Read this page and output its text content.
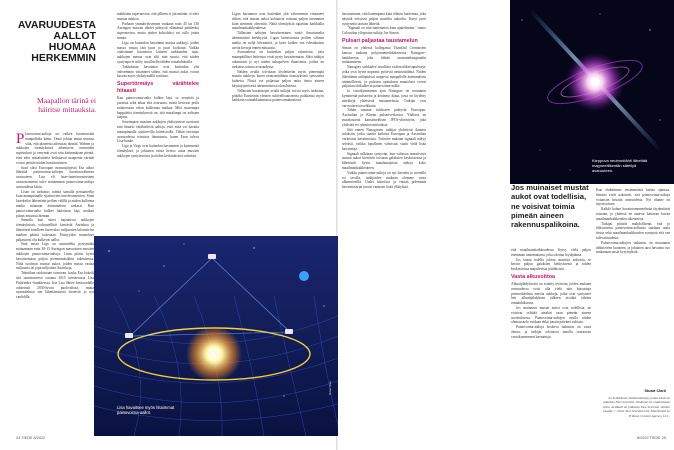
AVARUUDESTA AALLOT HUOMAA HERKEMMIN
Maapallon tärinä ei häiritse mittauksia.

Planovoima-aaltoja on vaikea havainnoida maapallolta käsin. Tämä johtuu muun muassa siitä, että planeetta aiheuttaa tärinää. Walnen ja aukkojen törmäyksistä aiheutuvat avaruuden supistukset ja venymät ovat niin äärimmäisen pieniä, ettei edes mittalaitteita heiluttavat maaperän värinät voivat peittää niiden havaitsemisen.

Juuri siksi Euroopan avaruusjärjestö Esa aikoo lähettää painovoima-aaltojen havaintovälineen avaruuteen. Lisa eli laser-interferometrinen avaruusantenni tulee mittaamaan painovoima-aaltoja avaruudesta käsin.

Lisan on tarkoitus toimia samalla periaatteella kuin maanpinnalle sijaitsevien interferometrien. Siinä laserkeilat lähetetään peilien välillä ja niiden kulkema matka mitataan äärimmäisen tarkasti. Kun painovoima-aalto kulkee laitteiston läpi, matkan pituus muuttuu hieman.

Samalla kun siteet hajautuvat aukkojen törmäyksissä, valosatelliitit kiertävät Aurinkoa ja lähettävät toisilleen laservaloa miljoonien kilometrien matkan päästä toisistaan. Etäisyyden muutokset paljastavat ohi kulkevat aallot.

Sinä missä Ligo on suunniteltu pystymään mittaamaan noin 30-13 Auringon massaisten mustien aukkojen painovoima-aaltoja, Lisan pitäisi kyetä havaitsemaan paljon pienemmästäkin rakenteesta. Niitä tuottavat mustat aukot, joiden massa vastaa miljoonia tai jopa miljoonia Aurinkoja.

Tekniikan taidoistaan toimivan, koska Esa kokeili sitä onnistuneesti vuonna 2015 toteutetussa Lisa Pathfinder -hankkeessa. Itse Lisa lähtee kiertoradalle odotetusti 2030-luvun puolivälissä, mutta suunnitelmat sen lähettämisestä etenevät jo nyt vauhdilla.

makkaina supernovina, että jälkeen ei jää mitään, ei edes mustaa aukkoa.

Parhaan ymmärryksemme mukaan noin 45 tai 130 Auringon massan tähdet päätyvät elämänsä päätteeksi supernovina, mutta niiden kohtaloksi voi tulla jotain muuta.

Ligo on kuitenkin havainnut mustia aukkoja, joiden massa vastaa tätä juuri ja juuri kooltaan. Vaikka ottaisimme huomioon laitteen tarkkuuden rajat, aukkojen massat ovat silti niin suuria, että niiden syntytapa ei selity tavallisella tähden romahduksella.

Tukholman havainnot ovat kuitenkin yhä vahvemmin viitanneet siihen, että mustat aukot voivat kasvaa myös yhdistymällä toisiinsa.

Supertörmäys värähtelee hitaasti

Kun painovoima-aalto kulkee läpi, se venyttää ja puristaa sekä aikaa että avaruutta, mistä kertovat peilit mitatessaan valon kulkemaa matkaa. Mitä suurempia kappaleita törmäyksessä on, sitä matalampi on aaltojen taajuus.

Suurimpien mustien aukkojen yhdistymiset tuottavat niin hitaasti värähteleviä aaltoja, ettei niitä voi havaita maanpinnalla sijaitsevilla laitteistoilla. Tähän tarvitaan avaruudessa toimivia ilmaisimia, kuten Esan tuleva Lisa-hanke.

Ligo ja Virgo ovat kuitenkin havainneet jo kymmeniä törmäyksiä, ja jokainen niistä kertoo uutta mustien aukkojen syntytavoista ja niiden keskinäisistä suhteista.

Ligon havainnot ovat kuitenkin yhä vahvemmin viitanneet siihen, että mustat aukot kohtaavat toisiaan paljon useammin kuin aiemmin oletettiin. Näitä törmäyksiä tapahtuu kaikkialla maailmankaikkeudessa.

Tällaisten aaltojen havaitseminen vaatii ilmaisimelta äärimmäistä herkkyyttä. Ligon laitteistoissa peilien välinen matka on neljä kilometriä, ja laser kulkee sen edestakaisin useita kertoja ennen mittausta.

Avaruudessa on kuitenkin paljon rakenteita, joita maanpäälliset laitteistot eivät pysty havaitsemaan. Siksi tutkijat rakentavat jo nyt uuden sukupolven ilmaisimia, joiden on tarkoitus toimia avaruudessa.

Näiden avulla toivotaan löydettävän myös pienempiä mustia aukkoja, kuten neutronitähtien törmäyksistä syntyneitä kohteita. Niistä voi paljastua paljon uutta tietoa aineen käyttäytymisestä äärimmäisissä olosuhteissa.

Tällaisten havaintojen avulla tutkijat voivat myös tarkistaa, pitääkö Einsteinin yleinen suhteellisuusteoria paikkansa myös kaikkein voimakkaimmissa painovoimakentissä.

Lisa havaitsee myös hitaimmat painovoima-aallot.
Kuva: Esa
24 TIEDE 8/2022

havaitsimme, että kauempana kuin tähtien kuolemaa, joka näyttää erityisen paljon mustilta aukoilta, löytyi juuri syntyneitä taustan lähteitä.

"Signaali on niin tuntematon kuin ajattelimme," sanoo Coloradon yliopiston tutkija Joe Simon.

Pulsari paljastaa taustamelun

Simon on yhdessä kollegansa Thankful Cromartien kanssa mukana pohjoisamerikkalaisessa Nanograv-hankkeessa, joka tähtää taustamelusignaalin mittaamiseen.

Nanograv tarkkailee tavallisia radiovoihkeisupulsseja, jotka ovat hyvin nopeasti pyöriviä neutronitähtiä. Niiden lähettämät radiopulssit saapuvat maapallolle äärimmäisen säännöllisesti, ja pulssien ajoituksen muutokset voivat paljastaa ohikulkevat painovoima-aallot.

Jo vuosikymmenen ajan Nanograv on seurannut kymmeniä pulsareita ja kerännyt dataa, josta on löydetty merkkejä yhteisestä taustamelusta. Tutkijat ovat varovaisen toiveikkaita.

Tähän samaan tulokseen päätyvät Euroopan, Australian ja Kiinan pulsariverkostot. Yhdessä ne muodostavat kansainvälisen IPTA-yhteistyön, joka yhdistää eri ryhmien mittaukset.

Sitä ennen Nanogravin tutkijat yhdistivät datansa tuloksiin, jotka saatiin kaikista Euroopan ja Australian verkoston havainnoista. Tulosten mukaan signaali näkyy selvästi, vaikka lopullinen vahvistus vaatii vielä lisää havaintoja.

Signaali tulkitaan syntyvän, kun valtavan massiiviset mustat aukot kiertävät toisiaan galaksien keskustoissa ja lähettävät hyvin matalataajuisia aaltoja koko maailmankaikkeuteen.

Vaikka painovoima-aaltoja on nyt havaittu jo monella eri tavalla, tutkijoiden mukaan olemme vasta alkumetreillä. Uudet laitteistot ja entistä pidemmät havaintosarjat tuovat varmasti lisää yllätyksiä.

Kieppuva neutronitähti lähettää magneettikentän säteilyä avaruuteen.
Jos muinaiset mustat aukot ovat todellisia, ne voisivat toimia pimeän aineen rakennuspalikoina.

että maailmankaikkeudessa löytyy vielä paljon enemmän tuntematonta, joka odottaa löytäjäänsä.

Jos tausta todella johtuu mustista aukoista, se kertoo paljon galaksien kehityksestä ja niiden keskustoissa majailevista jättiläisistä.

Vasta alkusoittoa

Alkuräjähdyksestä on esitetty teorioita, joiden mukaan avaruudessa voisi olla vielä niin kutsuttuja primordiaalisia mustia aukkoja, jotka ovat syntyneet heti alkuräjähdyksen jälkeen eivätkä tähtien romahduksessa.

Jos muinaiset mustat aukot ovat todellisia, ne voisivat selittää ainakin osan pimeän aineen arvoituksesta. Painovoima-aaltojen avulla niiden olemassaolo voidaan ehkä jonain päivänä todistaa.

Painovoima-aaltoja koskeva tutkimus on vasta alussa, ja tutkijat odottavat innolla seuraavan vuosikymmenen havaintoja.

Kun ehdotimme ensimmäistä kertaa ajatusta, ihmiset eivät uskoneet, että painovoima-aaltoja voitaisiin havaita avaruudesta. Nyt tilanne on täysin toinen.

Kaikki kolme havaintomenetelmää täydentävät toisiaan, ja yhdessä ne antavat kattavan kuvan maailmankaikkeuden rakenteista.

Tutkijat pitävät mahdollisena, että jo lähivuosina painovoima-aalloista saadaan uutta tietoa sekä maailmankaikkeuden synnystä että sen tulevaisuudesta.

Painovoima-aaltojen tutkimus on muuttanut tähtitieteen luonteen, ja jokainen uusi havainto tuo mukanaan uusia kysymyksiä.

Stuart Clark
on brittiläinen tiedetoimittaja, jonka teksti on julkaistu New Scientist -lehdessä 19. maaliskuuta 2022. Artikkeli on julkaistu New Scientist -lehden luvalla. © 2022 New Scientist Ltd. Distributed by Tribune Content Agency, LLC.
8/2022 TIEDE 25
